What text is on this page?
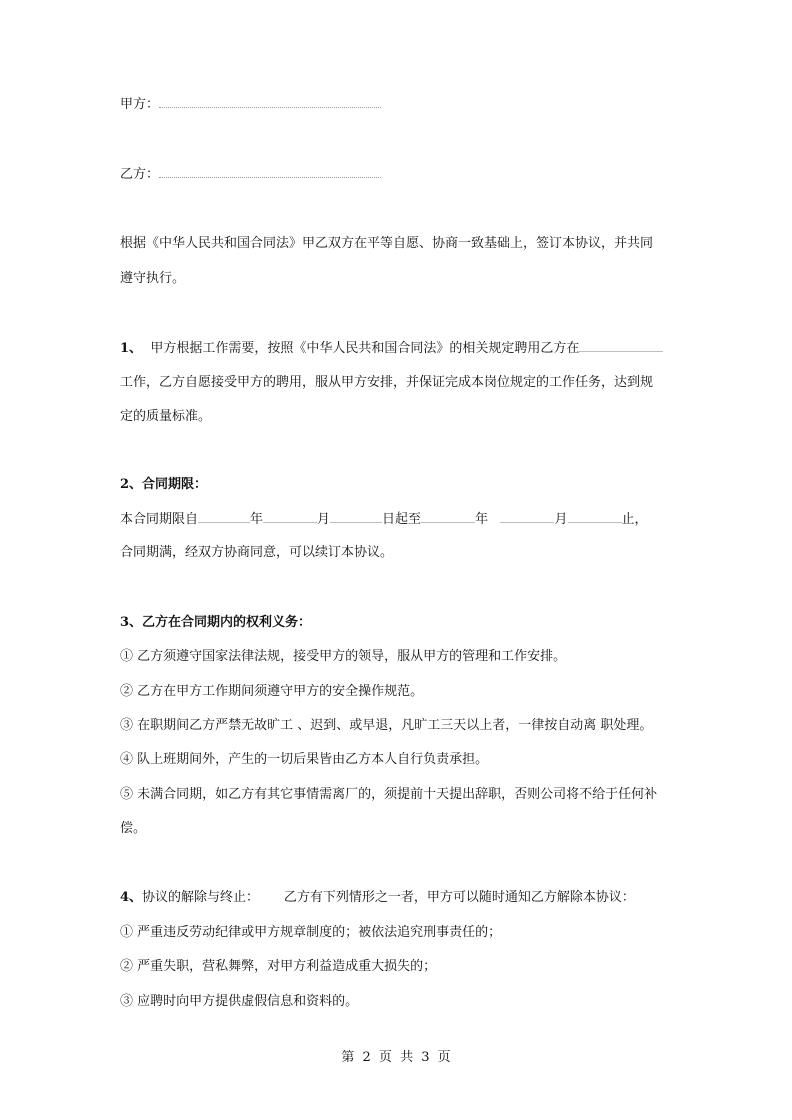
甲方：
乙方：
根据《中华人民共和国合同法》甲乙双方在平等自愿、协商一致基础上，签订本协议，并共同
遵守执行。
1、 甲方根据工作需要，按照《中华人民共和国合同法》的相关规定聘用乙方在
工作，乙方自愿接受甲方的聘用，服从甲方安排，并保证完成本岗位规定的工作任务，达到规
定的质量标准。
2、合同期限：
本合同期限自	年	月	日起至	年	月	止，
合同期满，经双方协商同意，可以续订本协议。
3、乙方在合同期内的权利义务：
① 乙方须遵守国家法律法规，接受甲方的领导，服从甲方的管理和工作安排。
② 乙方在甲方工作期间须遵守甲方的安全操作规范。
③ 在职期间乙方严禁无故旷工 、迟到、或早退，凡旷工三天以上者，一律按自动离 职处理。
④ 队上班期间外，产生的一切后果皆由乙方本人自行负责承担。
⑤ 未满合同期，如乙方有其它事情需离厂的，须提前十天提出辞职，否则公司将不给于任何补
偿。
4、协议的解除与终止： 乙方有下列情形之一者，甲方可以随时通知乙方解除本协议：
① 严重违反劳动纪律或甲方规章制度的；被依法追究刑事责任的；
② 严重失职，营私舞弊，对甲方利益造成重大损失的；
③ 应聘时向甲方提供虚假信息和资料的。
第 2 页 共 3 页
